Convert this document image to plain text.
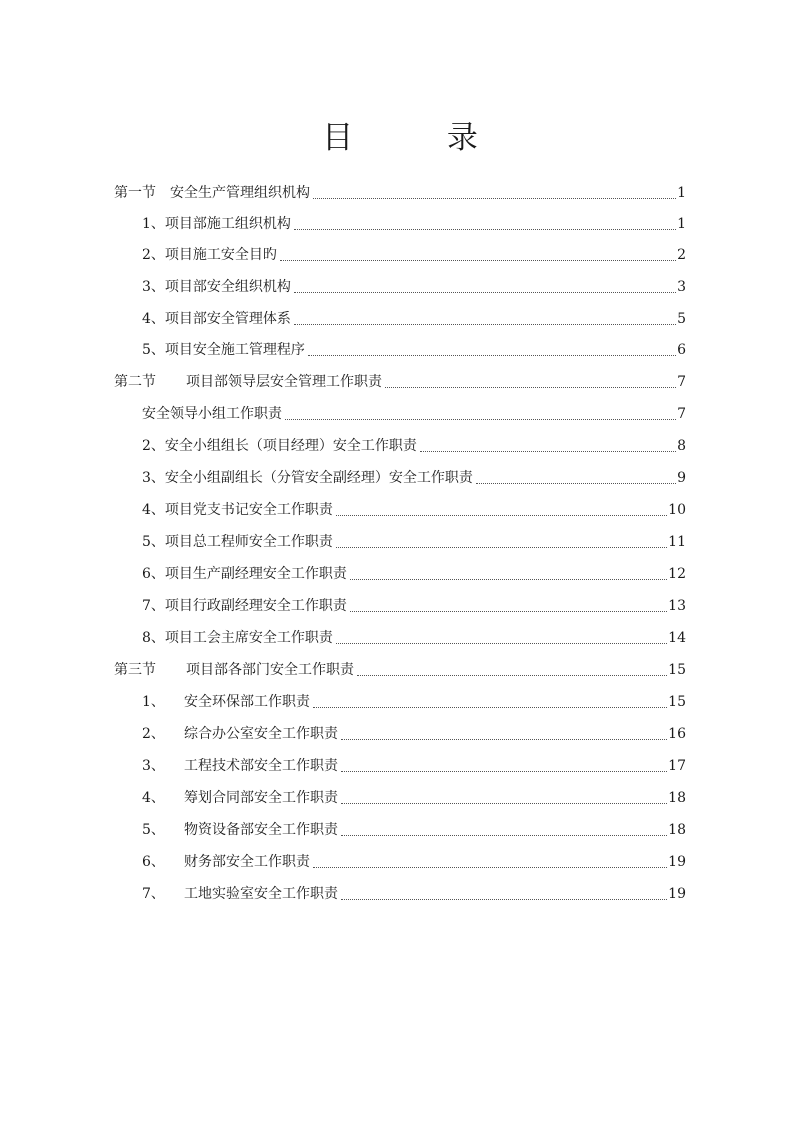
目 录
第一节	安全生产管理组织机构	1
1、 项目部施工组织机构	1
2、 项目施工安全目旳	2
3、 项目部安全组织机构	3
4、 项目部安全管理体系	5
5、 项目安全施工管理程序	6
第二节	项目部领导层安全管理工作职责	7
安全领导小组工作职责	7
2、 安全小组组长（项目经理）安全工作职责	8
3、 安全小组副组长（分管安全副经理）安全工作职责	9
4、 项目党支书记安全工作职责	10
5、 项目总工程师安全工作职责	11
6、 项目生产副经理安全工作职责	12
7、 项目行政副经理安全工作职责	13
8、 项目工会主席安全工作职责	14
第三节	项目部各部门安全工作职责	15
1、	安全环保部工作职责	15
2、	综合办公室安全工作职责	16
3、	工程技术部安全工作职责	17
4、	筹划合同部安全工作职责	18
5、	物资设备部安全工作职责	18
6、	财务部安全工作职责	19
7、	工地实验室安全工作职责	19
